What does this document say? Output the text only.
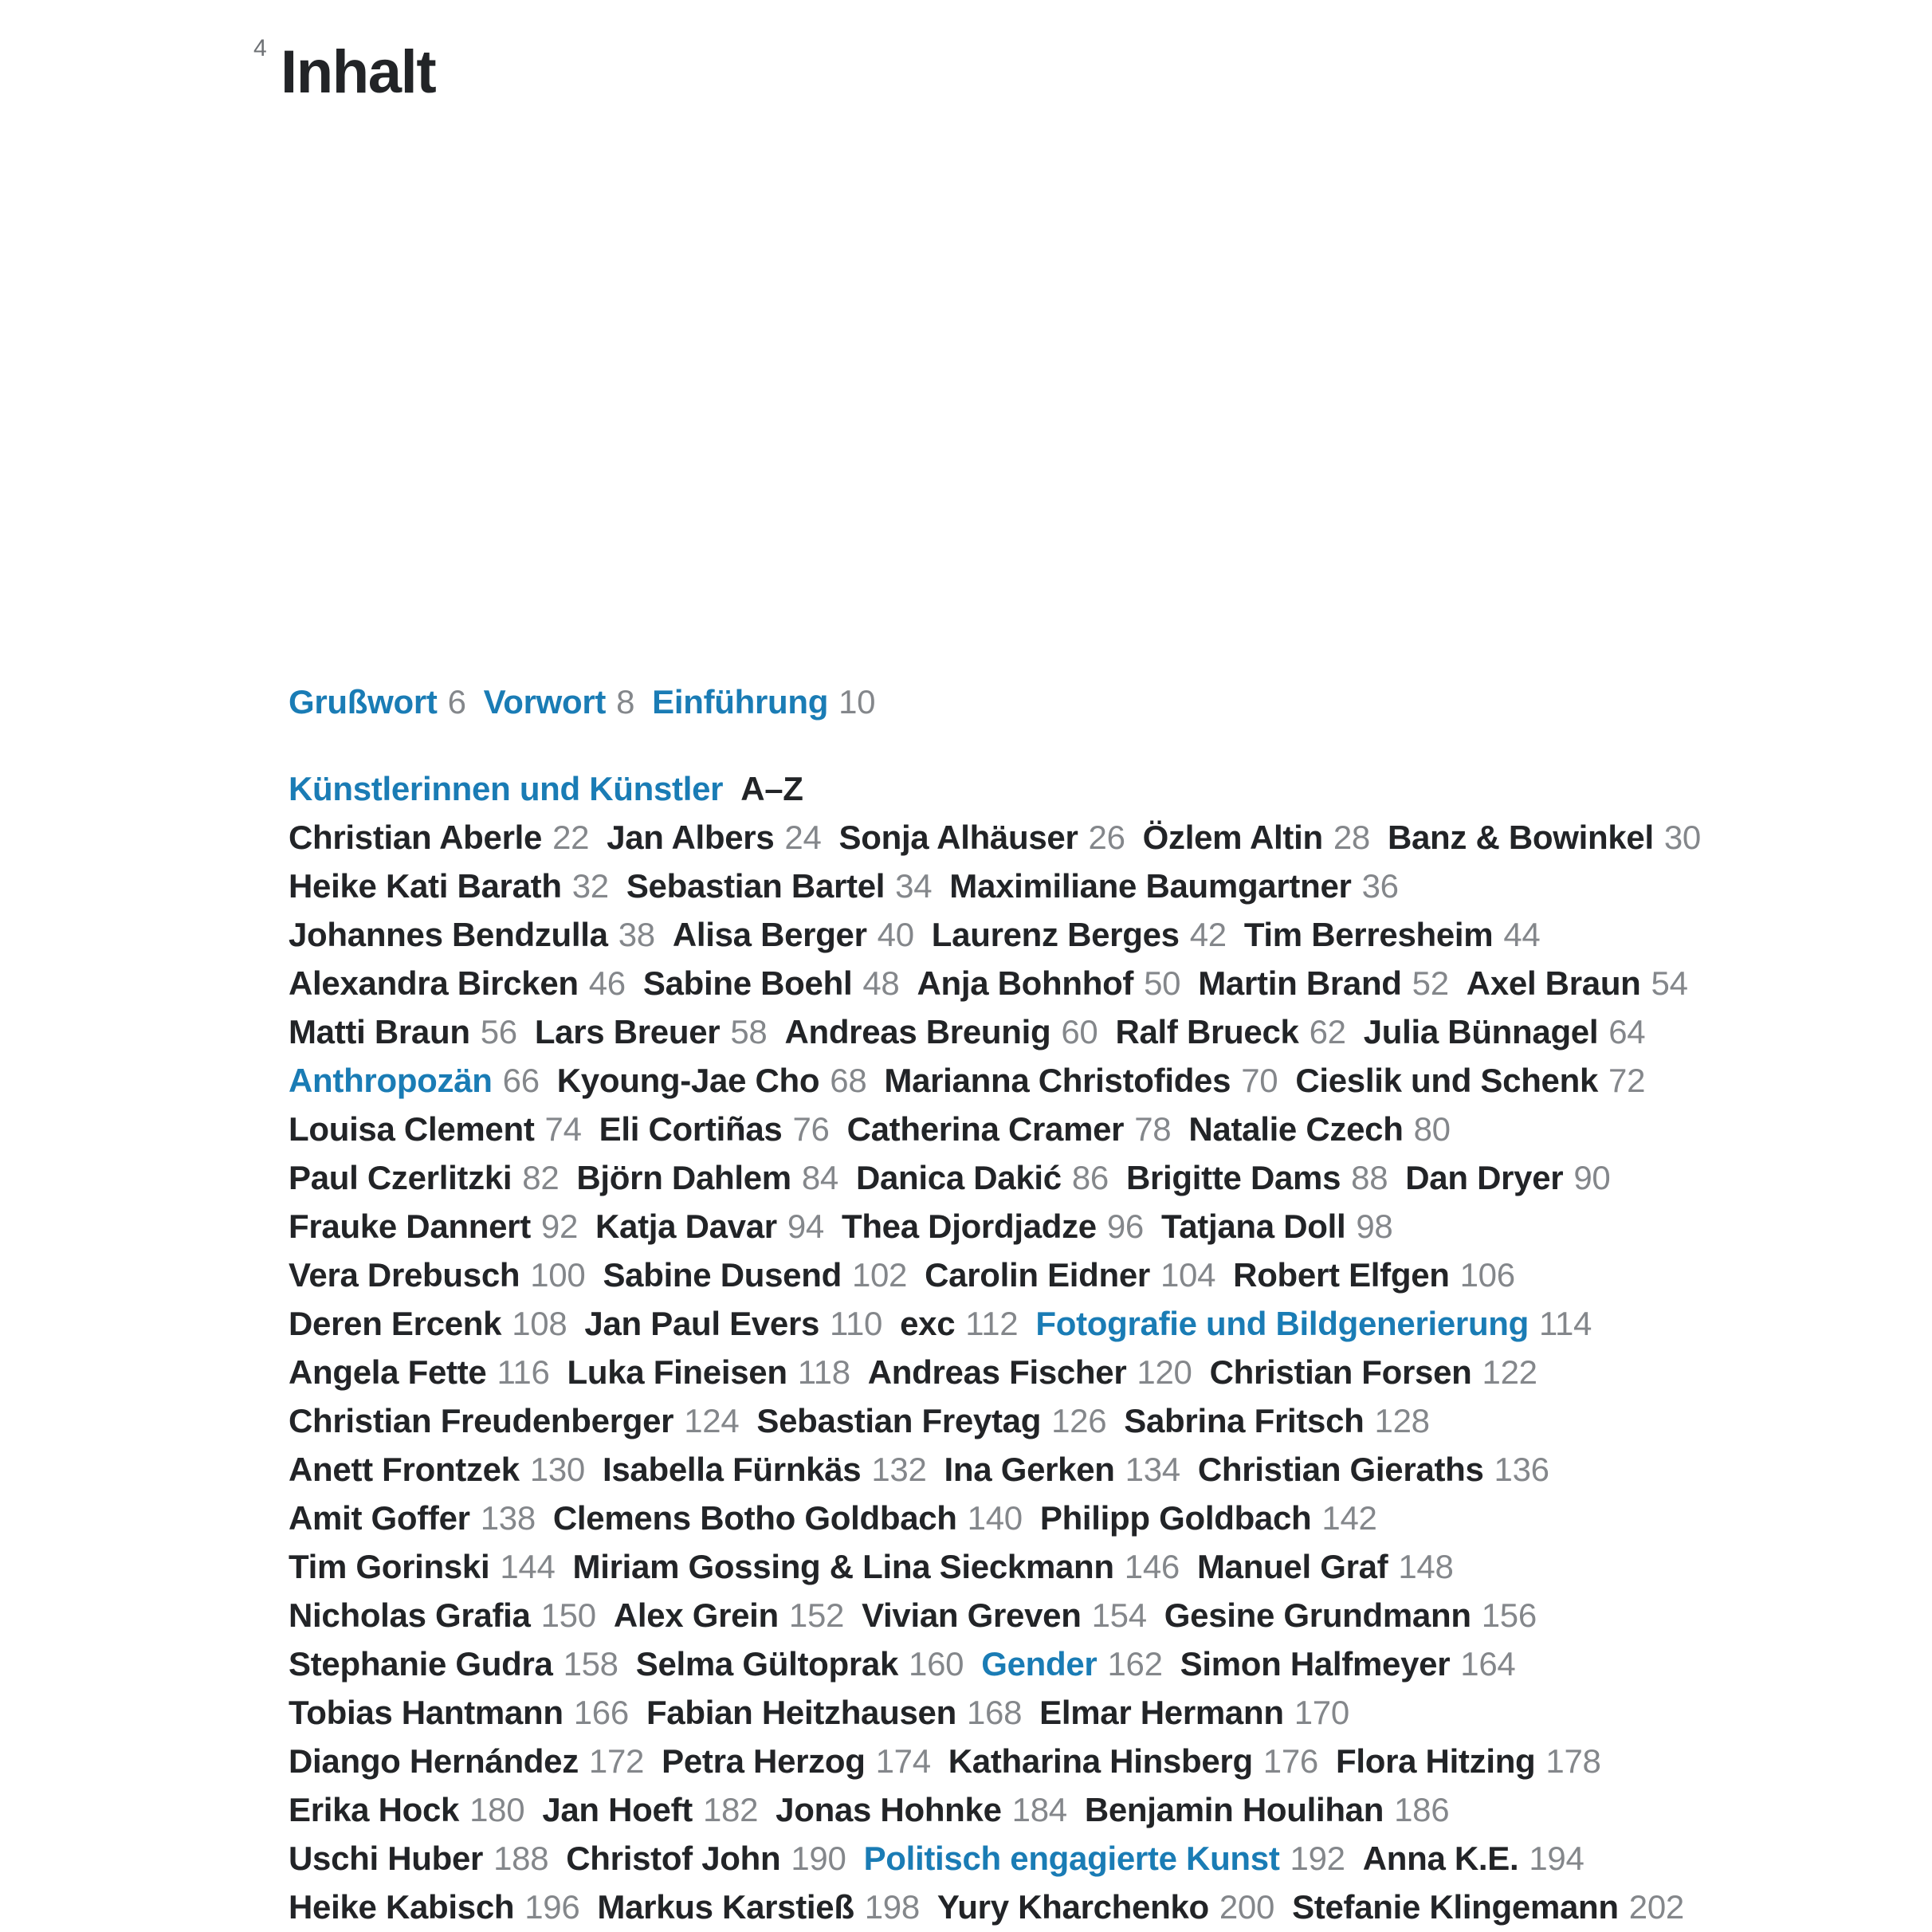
4 Inhalt
Grußwort 6 Vorwort 8 Einführung 10
Künstlerinnen und Künstler A–Z
Christian Aberle 22 Jan Albers 24 Sonja Alhäuser 26 Özlem Altin 28 Banz & Bowinkel 30
Heike Kati Barath 32 Sebastian Bartel 34 Maximiliane Baumgartner 36
Johannes Bendzulla 38 Alisa Berger 40 Laurenz Berges 42 Tim Berresheim 44
Alexandra Bircken 46 Sabine Boehl 48 Anja Bohnhof 50 Martin Brand 52 Axel Braun 54
Matti Braun 56 Lars Breuer 58 Andreas Breunig 60 Ralf Brueck 62 Julia Bünnagel 64
Anthropozän 66 Kyoung-Jae Cho 68 Marianna Christofides 70 Cieslik und Schenk 72
Louisa Clement 74 Eli Cortiñas 76 Catherina Cramer 78 Natalie Czech 80
Paul Czerlitzki 82 Björn Dahlem 84 Danica Dakić 86 Brigitte Dams 88 Dan Dryer 90
Frauke Dannert 92 Katja Davar 94 Thea Djordjadze 96 Tatjana Doll 98
Vera Drebusch 100 Sabine Dusend 102 Carolin Eidner 104 Robert Elfgen 106
Deren Ercenk 108 Jan Paul Evers 110 exc 112 Fotografie und Bildgenerierung 114
Angela Fette 116 Luka Fineisen 118 Andreas Fischer 120 Christian Forsen 122
Christian Freudenberger 124 Sebastian Freytag 126 Sabrina Fritsch 128
Anett Frontzek 130 Isabella Fürnkäs 132 Ina Gerken 134 Christian Gieraths 136
Amit Goffer 138 Clemens Botho Goldbach 140 Philipp Goldbach 142
Tim Gorinski 144 Miriam Gossing & Lina Sieckmann 146 Manuel Graf 148
Nicholas Grafia 150 Alex Grein 152 Vivian Greven 154 Gesine Grundmann 156
Stephanie Gudra 158 Selma Gültoprak 160 Gender 162 Simon Halfmeyer 164
Tobias Hantmann 166 Fabian Heitzhausen 168 Elmar Hermann 170
Diango Hernández 172 Petra Herzog 174 Katharina Hinsberg 176 Flora Hitzing 178
Erika Hock 180 Jan Hoeft 182 Jonas Hohnke 184 Benjamin Houlihan 186
Uschi Huber 188 Christof John 190 Politisch engagierte Kunst 192 Anna K.E. 194
Heike Kabisch 196 Markus Karstieß 198 Yury Kharchenko 200 Stefanie Klingemann 202
